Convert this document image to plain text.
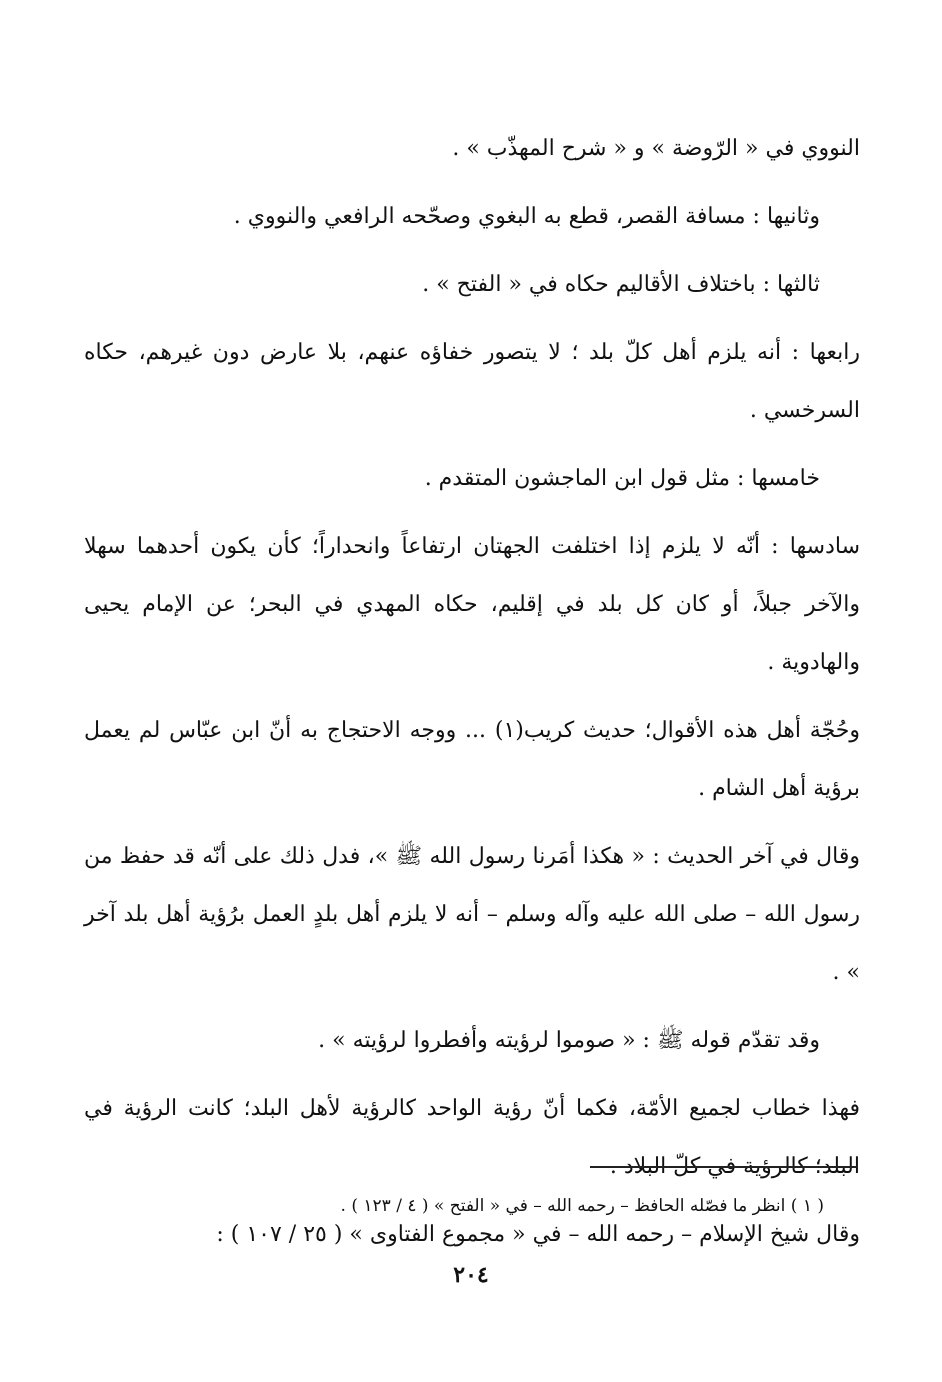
النووي في « الرّوضة » و « شرح المهذّب » .

وثانيها : مسافة القصر، قطع به البغوي وصحّحه الرافعي والنووي .

ثالثها : باختلاف الأقاليم حكاه في « الفتح » .

رابعها : أنه يلزم أهل كلّ بلد ؛ لا يتصور خفاؤه عنهم، بلا عارض دون غيرهم، حكاه السرخسي .

خامسها : مثل قول ابن الماجشون المتقدم .

سادسها : أنّه لا يلزم إذا اختلفت الجهتان ارتفاعاً وانحداراً؛ كأن يكون أحدهما سهلا والآخر جبلاً، أو كان كل بلد في إقليم، حكاه المهدي في البحر؛ عن الإمام يحيى والهادوية .

وحُجّة أهل هذه الأقوال؛ حديث كريب(١) ... ووجه الاحتجاج به أنّ ابن عبّاس لم يعمل برؤية أهل الشام .

وقال في آخر الحديث : « هكذا أمَرنا رسول الله ﷺ »، فدل ذلك على أنّه قد حفظ من رسول الله – صلى الله عليه وآله وسلم – أنه لا يلزم أهل بلدٍ العمل برُؤية أهل بلد آخر » .

وقد تقدّم قوله ﷺ : « صوموا لرؤيته وأفطروا لرؤيته » .

فهذا خطاب لجميع الأمّة، فكما أنّ رؤية الواحد كالرؤية لأهل البلد؛ كانت الرؤية في البلد؛ كالرؤية في كلّ البلاد .

وقال شيخ الإسلام – رحمه الله – في « مجموع الفتاوى » ( ٢٥ / ١٠٧ ) :

( ١ ) انظر ما فصّله الحافظ – رحمه الله – في « الفتح » ( ٤ / ١٢٣ ) .
٢٠٤
